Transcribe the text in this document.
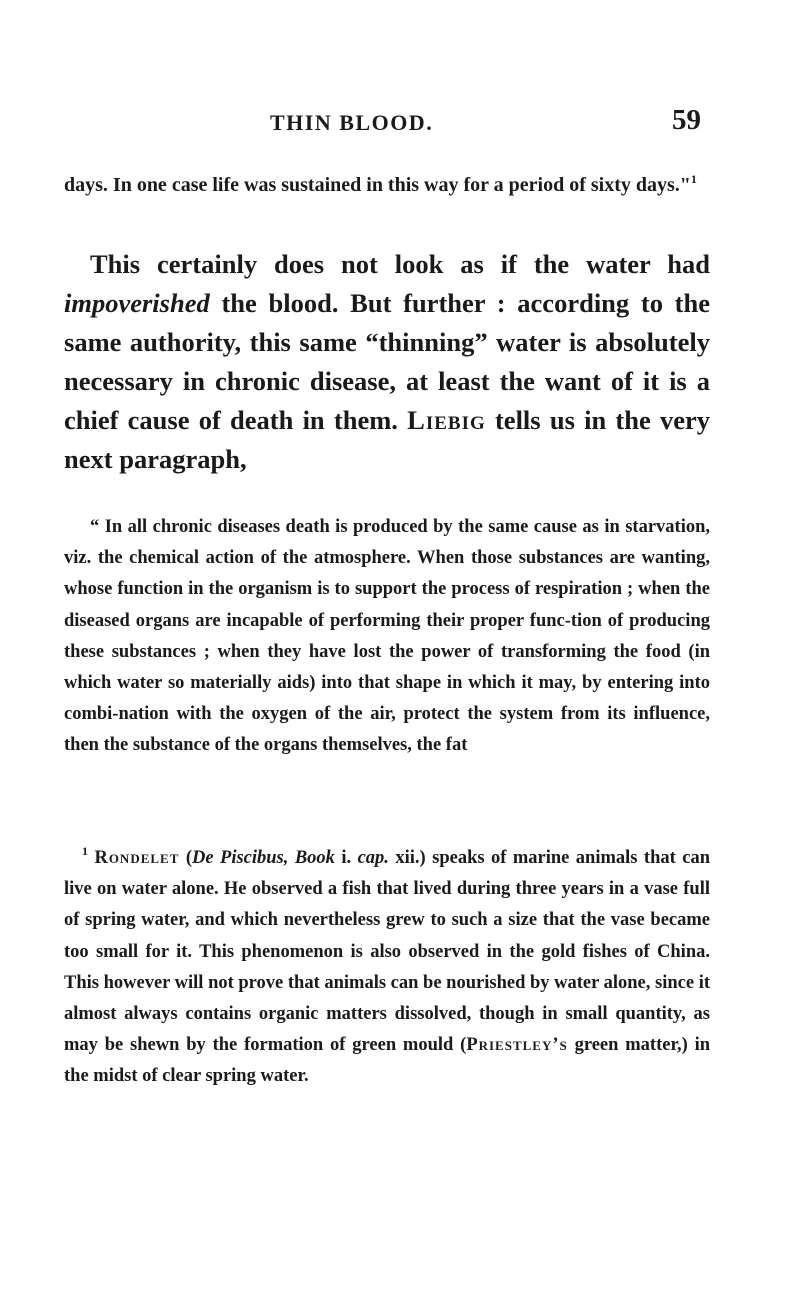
THIN BLOOD.	59

days. In one case life was sustained in this way for a period of sixty days."$^1$

This certainly does not look as if the water had impoverished the blood. But further : according to the same authority, this same “thinning” water is absolutely necessary in chronic disease, at least the want of it is a chief cause of death in them. Liebig tells us in the very next paragraph,

“ In all chronic diseases death is produced by the same cause as in starvation, viz. the chemical action of the atmosphere. When those substances are wanting, whose function in the organism is to support the process of respiration ; when the diseased organs are incapable of performing their proper func-tion of producing these substances ; when they have lost the power of transforming the food (in which water so materially aids) into that shape in which it may, by entering into combi-nation with the oxygen of the air, protect the system from its influence, then the substance of the organs themselves, the fat

$^1$ Rondelet (De Piscibus, Book i. cap. xii.) speaks of marine animals that can live on water alone. He observed a fish that lived during three years in a vase full of spring water, and which nevertheless grew to such a size that the vase became too small for it. This phenomenon is also observed in the gold fishes of China. This however will not prove that animals can be nourished by water alone, since it almost always contains organic matters dissolved, though in small quantity, as may be shewn by the formation of green mould (Priestley’s green matter,) in the midst of clear spring water.
